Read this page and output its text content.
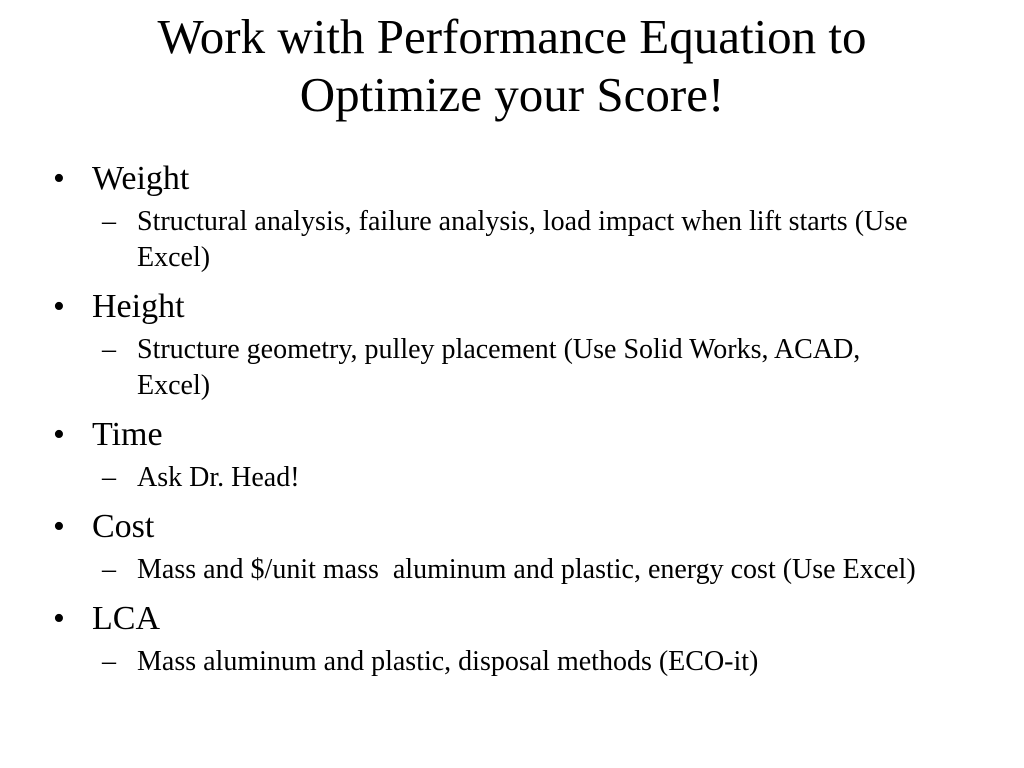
Work with Performance Equation to
Optimize your Score!
• Weight
– Structural analysis, failure analysis, load impact when lift starts (Use Excel)
• Height
– Structure geometry, pulley placement (Use Solid Works, ACAD, Excel)
• Time
– Ask Dr. Head!
• Cost
– Mass and $/unit mass  aluminum and plastic, energy cost (Use Excel)
• LCA
– Mass aluminum and plastic, disposal methods (ECO-it)
